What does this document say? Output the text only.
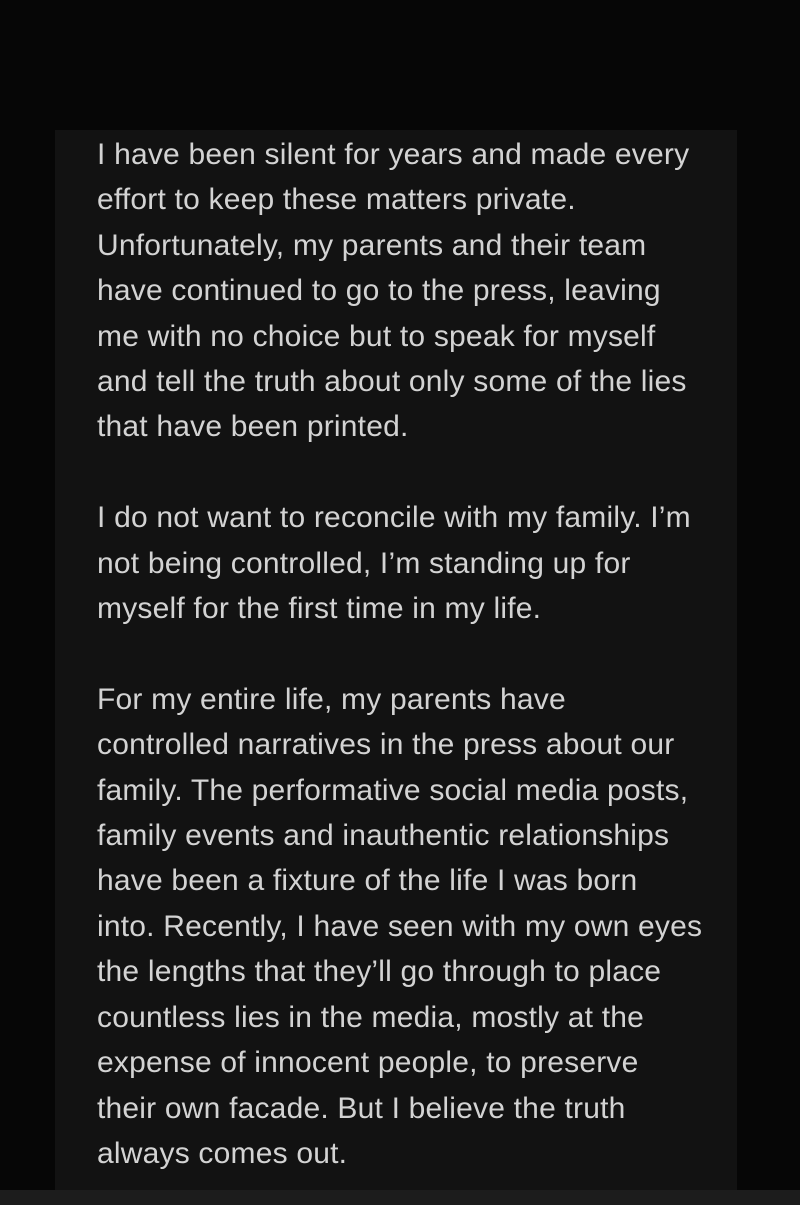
I have been silent for years and made every
effort to keep these matters private.
Unfortunately, my parents and their team
have continued to go to the press, leaving
me with no choice but to speak for myself
and tell the truth about only some of the lies
that have been printed.
I do not want to reconcile with my family. I’m
not being controlled, I’m standing up for
myself for the first time in my life.
For my entire life, my parents have
controlled narratives in the press about our
family. The performative social media posts,
family events and inauthentic relationships
have been a fixture of the life I was born
into. Recently, I have seen with my own eyes
the lengths that they’ll go through to place
countless lies in the media, mostly at the
expense of innocent people, to preserve
their own facade. But I believe the truth
always comes out.
